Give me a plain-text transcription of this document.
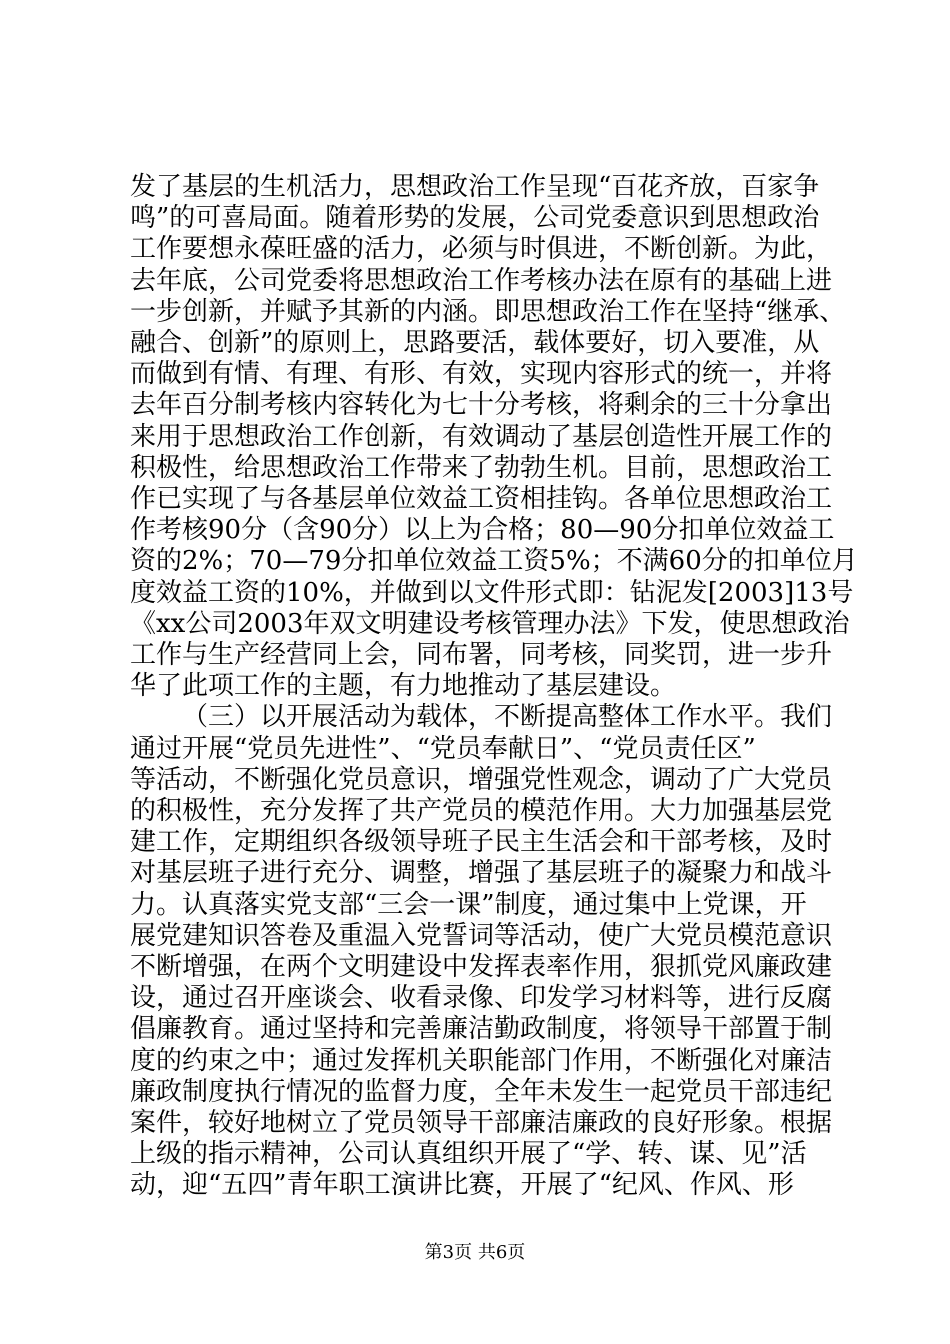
发了基层的生机活力，思想政治工作呈现“百花齐放，百家争
鸣”的可喜局面。随着形势的发展，公司党委意识到思想政治
工作要想永葆旺盛的活力，必须与时俱进，不断创新。为此，
去年底，公司党委将思想政治工作考核办法在原有的基础上进
一步创新，并赋予其新的内涵。即思想政治工作在坚持“继承、
融合、创新”的原则上，思路要活，载体要好，切入要准，从
而做到有情、有理、有形、有效，实现内容形式的统一，并将
去年百分制考核内容转化为七十分考核，将剩余的三十分拿出
来用于思想政治工作创新，有效调动了基层创造性开展工作的
积极性，给思想政治工作带来了勃勃生机。目前，思想政治工
作已实现了与各基层单位效益工资相挂钩。各单位思想政治工
作考核90分（含90分）以上为合格；80—90分扣单位效益工
资的2%；70—79分扣单位效益工资5%；不满60分的扣单位月
度效益工资的10%，并做到以文件形式即：钻泥发[2003]13号
《xx公司2003年双文明建设考核管理办法》下发，使思想政治
工作与生产经营同上会，同布署，同考核，同奖罚，进一步升
华了此项工作的主题，有力地推动了基层建设。
（三）以开展活动为载体，不断提高整体工作水平。我们
通过开展“党员先进性”、“党员奉献日”、“党员责任区”
等活动，不断强化党员意识，增强党性观念，调动了广大党员
的积极性，充分发挥了共产党员的模范作用。大力加强基层党
建工作，定期组织各级领导班子民主生活会和干部考核，及时
对基层班子进行充分、调整，增强了基层班子的凝聚力和战斗
力。认真落实党支部“三会一课”制度，通过集中上党课，开
展党建知识答卷及重温入党誓词等活动，使广大党员模范意识
不断增强，在两个文明建设中发挥表率作用，狠抓党风廉政建
设，通过召开座谈会、收看录像、印发学习材料等，进行反腐
倡廉教育。通过坚持和完善廉洁勤政制度，将领导干部置于制
度的约束之中；通过发挥机关职能部门作用，不断强化对廉洁
廉政制度执行情况的监督力度，全年未发生一起党员干部违纪
案件，较好地树立了党员领导干部廉洁廉政的良好形象。根据
上级的指示精神，公司认真组织开展了“学、转、谋、见”活
动，迎“五四”青年职工演讲比赛，开展了“纪风、作风、形
第3页 共6页
